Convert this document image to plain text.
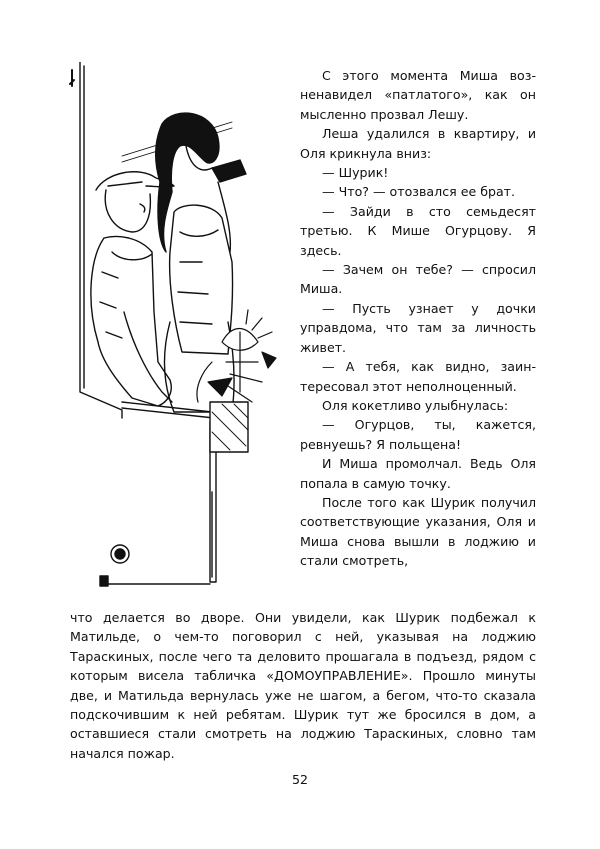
С этого момента Миша возненавидел «патлатого», как он мысленно прозвал Лешу.

Леша удалился в квартиру, и Оля крикнула вниз:

— Шурик!

— Что? — отозвался ее брат.

— Зайди в сто семьдесят третью. К Мише Огурцову. Я здесь.

— Зачем он тебе? — спросил Миша.

— Пусть узнает у дочки управдома, что там за личность живет.

— А тебя, как видно, заинтересовал этот неполноценный.

Оля кокетливо улыбнулась:

— Огурцов, ты, кажется, ревнуешь? Я польщена!

И Миша промолчал. Ведь Оля попала в самую точку.

После того как Шурик получил соответствующие указания, Оля и Миша снова вышли в лоджию и стали смотреть,

что делается во дворе. Они увидели, как Шурик подбежал к Матильде, о чем-то поговорил с ней, указывая на лоджию Тараскиных, после чего та деловито прошагала в подъезд, рядом с которым висела табличка «ДОМОУПРАВЛЕНИЕ». Прошло минуты две, и Матильда вернулась уже не шагом, а бегом, что-то сказала подскочившим к ней ребятам. Шурик тут же бросился в дом, а оставшиеся стали смотреть на лоджию Тараскиных, словно там начался пожар.

52
